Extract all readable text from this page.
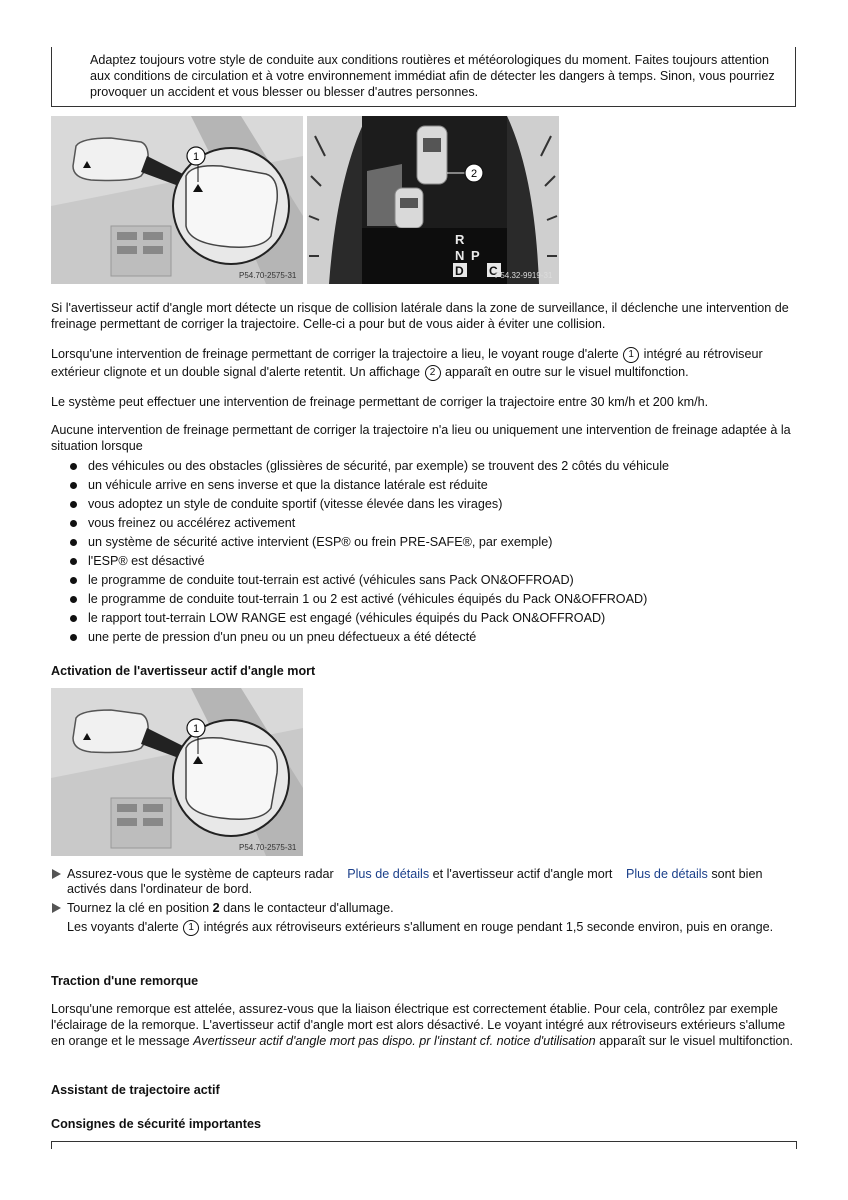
Adaptez toujours votre style de conduite aux conditions routières et météorologiques du moment. Faites toujours attention aux conditions de circulation et à votre environnement immédiat afin de détecter les dangers à temps. Sinon, vous pourriez provoquer un accident et vous blesser ou blesser d'autres personnes.
1
P54.70-2575-31
2
R
N P
D C
P54.32-9919-31
Si l'avertisseur actif d'angle mort détecte un risque de collision latérale dans la zone de surveillance, il déclenche une intervention de freinage permettant de corriger la trajectoire. Celle-ci a pour but de vous aider à éviter une collision.
Lorsqu'une intervention de freinage permettant de corriger la trajectoire a lieu, le voyant rouge d'alerte 1 intégré au rétroviseur extérieur clignote et un double signal d'alerte retentit. Un affichage 2 apparaît en outre sur le visuel multifonction.
Le système peut effectuer une intervention de freinage permettant de corriger la trajectoire entre 30 km/h et 200 km/h.
Aucune intervention de freinage permettant de corriger la trajectoire n'a lieu ou uniquement une intervention de freinage adaptée à la situation lorsque
des véhicules ou des obstacles (glissières de sécurité, par exemple) se trouvent des 2 côtés du véhicule
un véhicule arrive en sens inverse et que la distance latérale est réduite
vous adoptez un style de conduite sportif (vitesse élevée dans les virages)
vous freinez ou accélérez activement
un système de sécurité active intervient (ESP® ou frein PRE-SAFE®, par exemple)
l'ESP® est désactivé
le programme de conduite tout-terrain est activé (véhicules sans Pack ON&OFFROAD)
le programme de conduite tout-terrain 1 ou 2 est activé (véhicules équipés du Pack ON&OFFROAD)
le rapport tout-terrain LOW RANGE est engagé (véhicules équipés du Pack ON&OFFROAD)
une perte de pression d'un pneu ou un pneu défectueux a été détecté
Activation de l'avertisseur actif d'angle mort
1
P54.70-2575-31
Assurez-vous que le système de capteurs radar Plus de détails et l'avertisseur actif d'angle mort Plus de détails sont bien
activés dans l'ordinateur de bord.
Tournez la clé en position 2 dans le contacteur d'allumage.
Les voyants d'alerte 1 intégrés aux rétroviseurs extérieurs s'allument en rouge pendant 1,5 seconde environ, puis en orange.
Traction d'une remorque
Lorsqu'une remorque est attelée, assurez-vous que la liaison électrique est correctement établie. Pour cela, contrôlez par exemple l'éclairage de la remorque. L'avertisseur actif d'angle mort est alors désactivé. Le voyant intégré aux rétroviseurs extérieurs s'allume en orange et le message Avertisseur actif d'angle mort pas dispo. pr l'instant cf. notice d'utilisation apparaît sur le visuel multifonction.
Assistant de trajectoire actif
Consignes de sécurité importantes
